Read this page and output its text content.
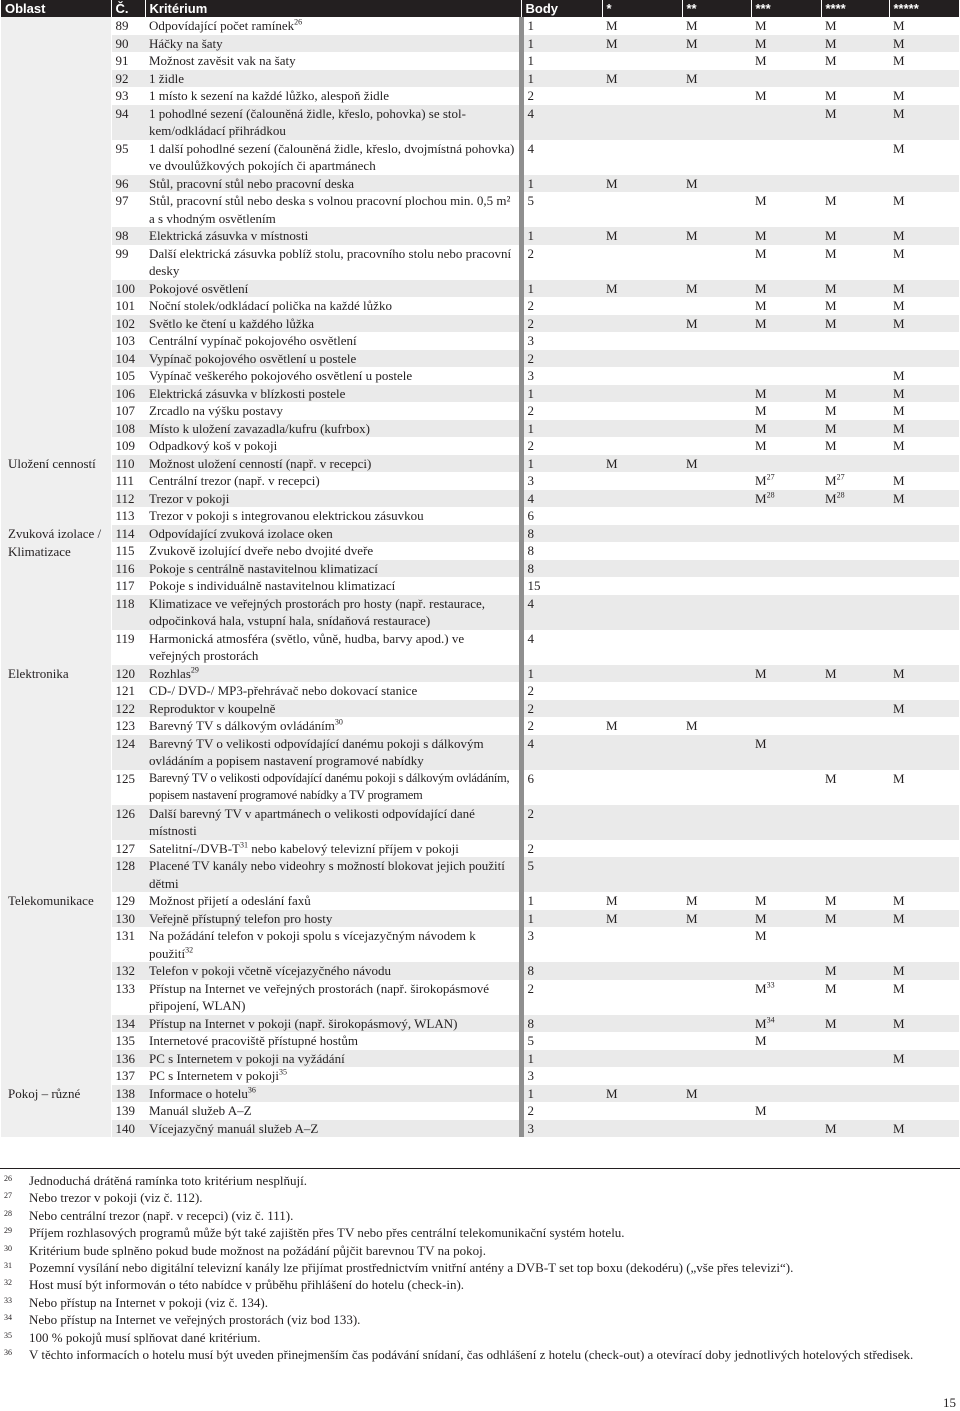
Oblast	Č.	Kritérium	Body	*	**	***	****	*****
	89	Odpovídající počet ramínek$^{26}$	1	M	M	M	M	M
	90	Háčky na šaty	1	M	M	M	M	M
	91	Možnost zavěsit vak na šaty	1			M	M	M
	92	1 židle	1	M	M			
	93	1 místo k sezení na každé lůžko, alespoň židle	2			M	M	M
	94	1 pohodlné sezení (čalouněná židle, křeslo, pohovka) se stolkem/odkládací přihrádkou	4				M	M
	95	1 další pohodlné sezení (čalouněná židle, křeslo, dvojmístná pohovka) ve dvoulůžkových pokojích či apartmánech	4					M
	96	Stůl, pracovní stůl nebo pracovní deska	1	M	M			
	97	Stůl, pracovní stůl nebo deska s volnou pracovní plochou min. 0,5 m² a s vhodným osvětlením	5			M	M	M
	98	Elektrická zásuvka v místnosti	1	M	M	M	M	M
	99	Další elektrická zásuvka poblíž stolu, pracovního stolu nebo pracovní desky	2			M	M	M
	100	Pokojové osvětlení	1	M	M	M	M	M
	101	Noční stolek/odkládací polička na každé lůžko	2			M	M	M
	102	Světlo ke čtení u každého lůžka	2		M	M	M	M
	103	Centrální vypínač pokojového osvětlení	3					
	104	Vypínač pokojového osvětlení u postele	2					
	105	Vypínač veškerého pokojového osvětlení u postele	3					M
	106	Elektrická zásuvka v blízkosti postele	1			M	M	M
	107	Zrcadlo na výšku postavy	2			M	M	M
	108	Místo k uložení zavazadla/kufru (kufrbox)	1			M	M	M
	109	Odpadkový koš v pokoji	2			M	M	M
Uložení cenností	110	Možnost uložení cenností (např. v recepci)	1	M	M			
	111	Centrální trezor (např. v recepci)	3			$M^{27}$	$M^{27}$	M
	112	Trezor v pokoji	4			$M^{28}$	$M^{28}$	M
	113	Trezor v pokoji s integrovanou elektrickou zásuvkou	6					
Zvuková izolace / Klimatizace	114	Odpovídající zvuková izolace oken	8					
	115	Zvukově izolující dveře nebo dvojité dveře	8					
	116	Pokoje s centrálně nastavitelnou klimatizací	8					
	117	Pokoje s individuálně nastavitelnou klimatizací	15					
	118	Klimatizace ve veřejných prostorách pro hosty (např. restaurace, odpočinková hala, vstupní hala, snídaňová restaurace)	4					
	119	Harmonická atmosféra (světlo, vůně, hudba, barvy apod.) ve veřejných prostorách	4					
Elektronika	120	Rozhlas$^{29}$	1			M	M	M
	121	CD-/ DVD-/ MP3-přehrávač nebo dokovací stanice	2					
	122	Reproduktor v koupelně	2					M
	123	Barevný TV s dálkovým ovládáním$^{30}$	2	M	M			
	124	Barevný TV o velikosti odpovídající danému pokoji s dálkovým ovládáním a popisem nastavení programové nabídky	4			M		
	125	Barevný TV o velikosti odpovídající danému pokoji s dálkovým ovládáním, popisem nastavení programové nabídky a TV programem	6				M	M
	126	Další barevný TV v apartmánech o velikosti odpovídající dané místnosti	2					
	127	Satelitní-$/DVB-T^{31}$ nebo kabelový televizní příjem v pokoji	2					
	128	Placené TV kanály nebo videohry s možností blokovat jejich použití dětmi	5					
Telekomunikace	129	Možnost přijetí a odeslání faxů	1	M	M	M	M	M
	130	Veřejně přístupný telefon pro hosty	1	M	M	M	M	M
	131	Na požádání telefon v pokoji spolu s vícejazyčným návodem k použití$^{32}$	3			M		
	132	Telefon v pokoji včetně vícejazyčného návodu	8				M	M
	133	Přístup na Internet ve veřejných prostorách (např. širokopásmové připojení, WLAN)	2			$M^{33}$	M	M
	134	Přístup na Internet v pokoji (např. širokopásmový, WLAN)	8			$M^{34}$	M	M
	135	Internetové pracoviště přístupné hostům	5			M		
	136	PC s Internetem v pokoji na vyžádání	1					M
	137	PC s Internetem v pokoji$^{35}$	3					
Pokoj – různé	138	Informace o hotelu$^{36}$	1	M	M			
	139	Manuál služeb A–Z	2			M		
	140	Vícejazyčný manuál služeb A–Z	3				M	M
26 Jednoduchá drátěná ramínka toto kritérium nesplňují.
27 Nebo trezor v pokoji (viz č. 112).
28 Nebo centrální trezor (např. v recepci) (viz č. 111).
29 Příjem rozhlasových programů může být také zajištěn přes TV nebo přes centrální telekomunikační systém hotelu.
30 Kritérium bude splněno pokud bude možnost na požádání půjčit barevnou TV na pokoj.
31 Pozemní vysílání nebo digitální televizní kanály lze přijímat prostřednictvím vnitřní antény a DVB-T set top boxu (dekodéru) („vše přes televizi“).
32 Host musí být informován o této nabídce v průběhu přihlášení do hotelu (check-in).
33 Nebo přístup na Internet v pokoji (viz č. 134).
34 Nebo přístup na Internet ve veřejných prostorách (viz bod 133).
35 100 % pokojů musí splňovat dané kritérium.
36 V těchto informacích o hotelu musí být uveden přinejmenším čas podávání snídaní, čas odhlášení z hotelu (check-out) a otevírací doby jednotlivých hotelových středisek.
15
